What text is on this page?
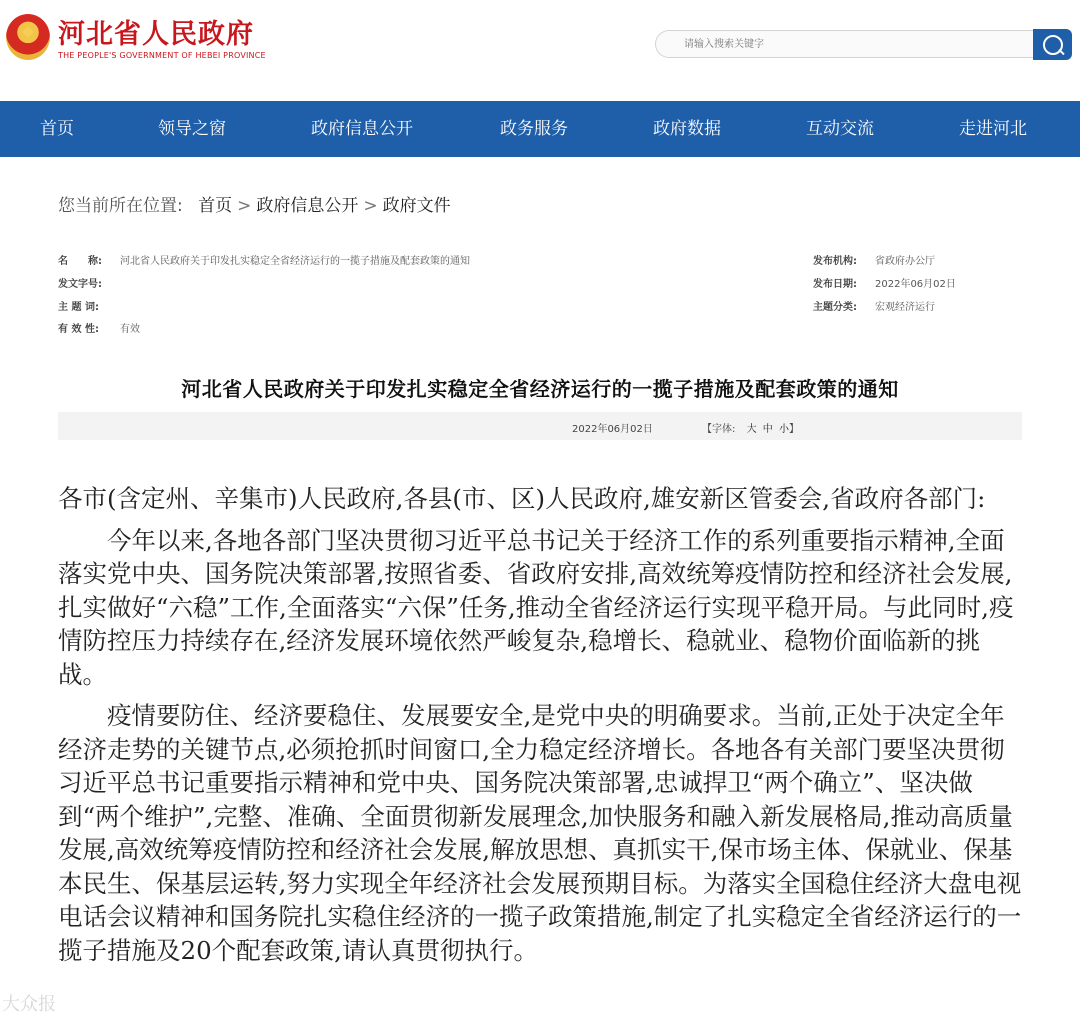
河北省人民政府
THE PEOPLE'S GOVERNMENT OF HEBEI PROVINCE
请输入搜索关键字
首页	领导之窗	政府信息公开	政务服务	政府数据	互动交流	走进河北
您当前所在位置: 首页 > 政府信息公开 > 政府文件
名　　称: 河北省人民政府关于印发扎实稳定全省经济运行的一揽子措施及配套政策的通知
发文字号:
主 题 词:
有 效 性: 有效
发布机构: 省政府办公厅
发布日期: 2022年06月02日
主题分类: 宏观经济运行
河北省人民政府关于印发扎实稳定全省经济运行的一揽子措施及配套政策的通知
2022年06月02日	【字体: 大 中 小】

各市(含定州、辛集市)人民政府,各县(市、区)人民政府,雄安新区管委会,省政府各部门:

今年以来,各地各部门坚决贯彻习近平总书记关于经济工作的系列重要指示精神,全面落实党中央、国务院决策部署,按照省委、省政府安排,高效统筹疫情防控和经济社会发展,扎实做好“六稳”工作,全面落实“六保”任务,推动全省经济运行实现平稳开局。与此同时,疫情防控压力持续存在,经济发展环境依然严峻复杂,稳增长、稳就业、稳物价面临新的挑战。

疫情要防住、经济要稳住、发展要安全,是党中央的明确要求。当前,正处于决定全年经济走势的关键节点,必须抢抓时间窗口,全力稳定经济增长。各地各有关部门要坚决贯彻习近平总书记重要指示精神和党中央、国务院决策部署,忠诚捍卫“两个确立”、坚决做到“两个维护”,完整、准确、全面贯彻新发展理念,加快服务和融入新发展格局,推动高质量发展,高效统筹疫情防控和经济社会发展,解放思想、真抓实干,保市场主体、保就业、保基本民生、保基层运转,努力实现全年经济社会发展预期目标。为落实全国稳住经济大盘电视电话会议精神和国务院扎实稳住经济的一揽子政策措施,制定了扎实稳定全省经济运行的一揽子措施及20个配套政策,请认真贯彻执行。

大众报
